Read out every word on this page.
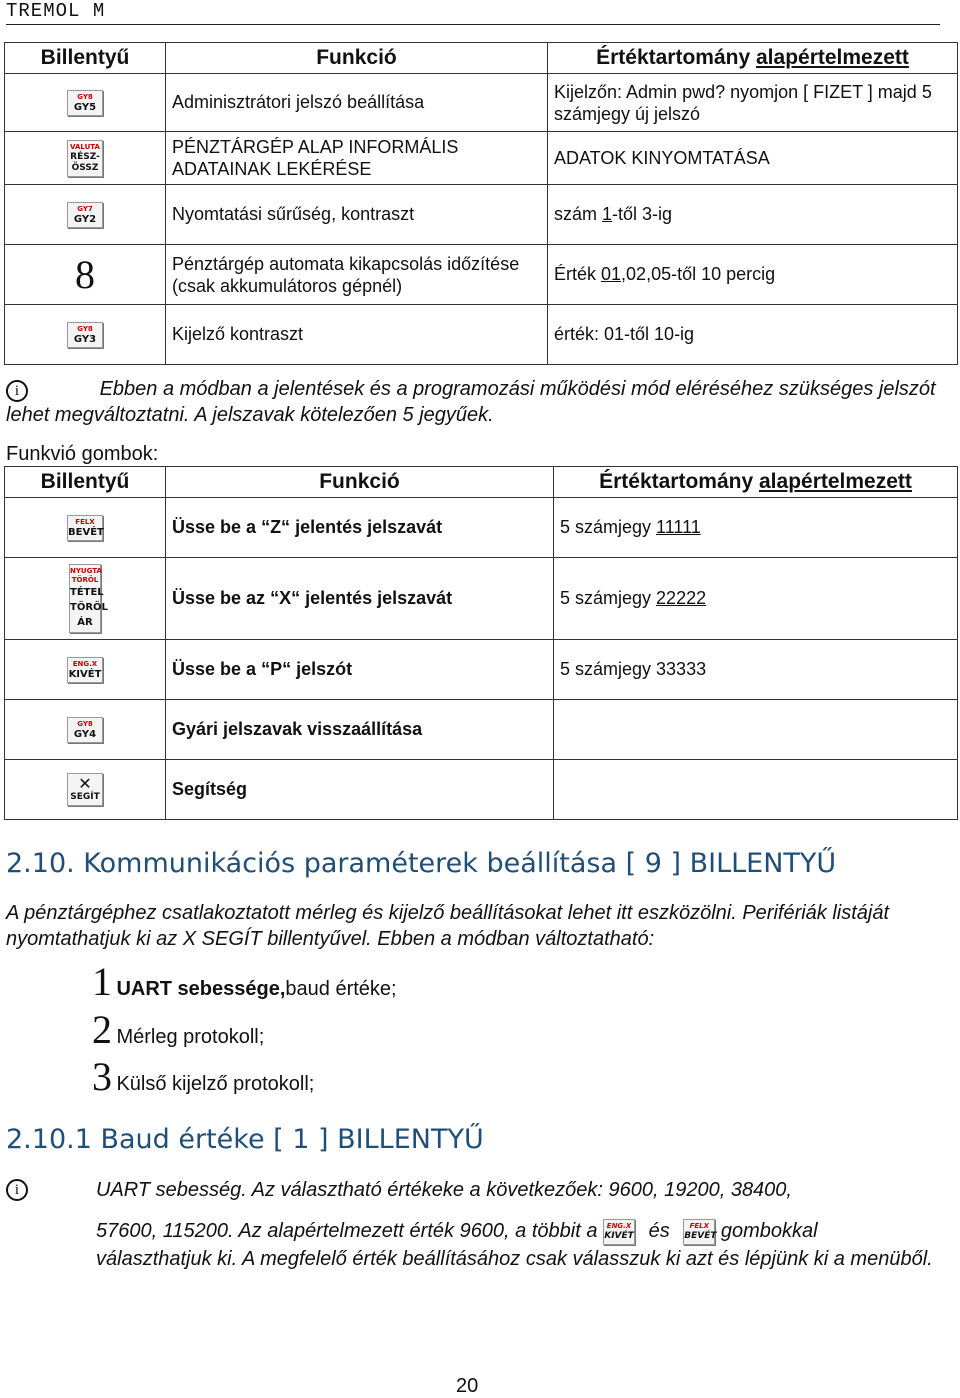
TREMOL M
Billentyű	Funkció	Értéktartomány alapértelmezett

GY8
GY5	Adminisztrátori jelszó beállítása	Kijelzőn: Admin pwd? nyomjon [ FIZET ] majd 5 számjegy új jelszó

VALUTA
RÉSZ-ÖSSZ	PÉNZTÁRGÉP ALAP INFORMÁLIS ADATAINAK LEKÉRÉSE	ADATOK KINYOMTATÁSA

GY7
GY2	Nyomtatási sűrűség, kontraszt	szám 1-től 3-ig
8	Pénztárgép automata kikapcsolás időzítése (csak akkumulátoros gépnél)	Érték 01,02,05-től 10 percig

GY8
GY3	Kijelző kontraszt	érték: 01-től 10-ig
i	Ebben a módban a jelentések és a programozási működési mód eléréséhez szükséges jelszót lehet megváltoztatni. A jelszavak kötelezően 5 jegyűek.
Funkvió gombok:
Billentyű	Funkció	Értéktartomány alapértelmezett

FELX
BEVÉT	Üsse be a “Z“ jelentés jelszavát	5 számjegy 11111

NYUGTA TÖRÖL
TÉTEL TÖRÖL ÁR	Üsse be az “X“ jelentés jelszavát	5 számjegy 22222

ENG.X
KIVÉT	Üsse be a “P“ jelszót	5 számjegy 33333

GY8
GY4	Gyári jelszavak visszaállítása	

✕
SEGÍT	Segítség	
2.10. Kommunikációs paraméterek beállítása [ 9 ] BILLENTYŰ
A pénztárgéphez csatlakoztatott mérleg és kijelző beállításokat lehet itt eszközölni. Perifériák listáját nyomtathatjuk ki az X SEGÍT billentyűvel. Ebben a módban változtatható:
1 UART sebessége,baud értéke;
2 Mérleg protokoll;
3 Külső kijelző protokoll;
2.10.1 Baud értéke [ 1 ] BILLENTYŰ
i	UART sebesség. Az választható értékeke a következőek: 9600, 19200, 38400,
57600, 115200. Az alapértelmezett érték 9600, a többit a	ENG.X
KIVÉT és	FELX
BEVÉT gombokkal
választhatjuk ki. A megfelelő érték beállításához csak válasszuk ki azt és lépjünk ki a menüből.
20
